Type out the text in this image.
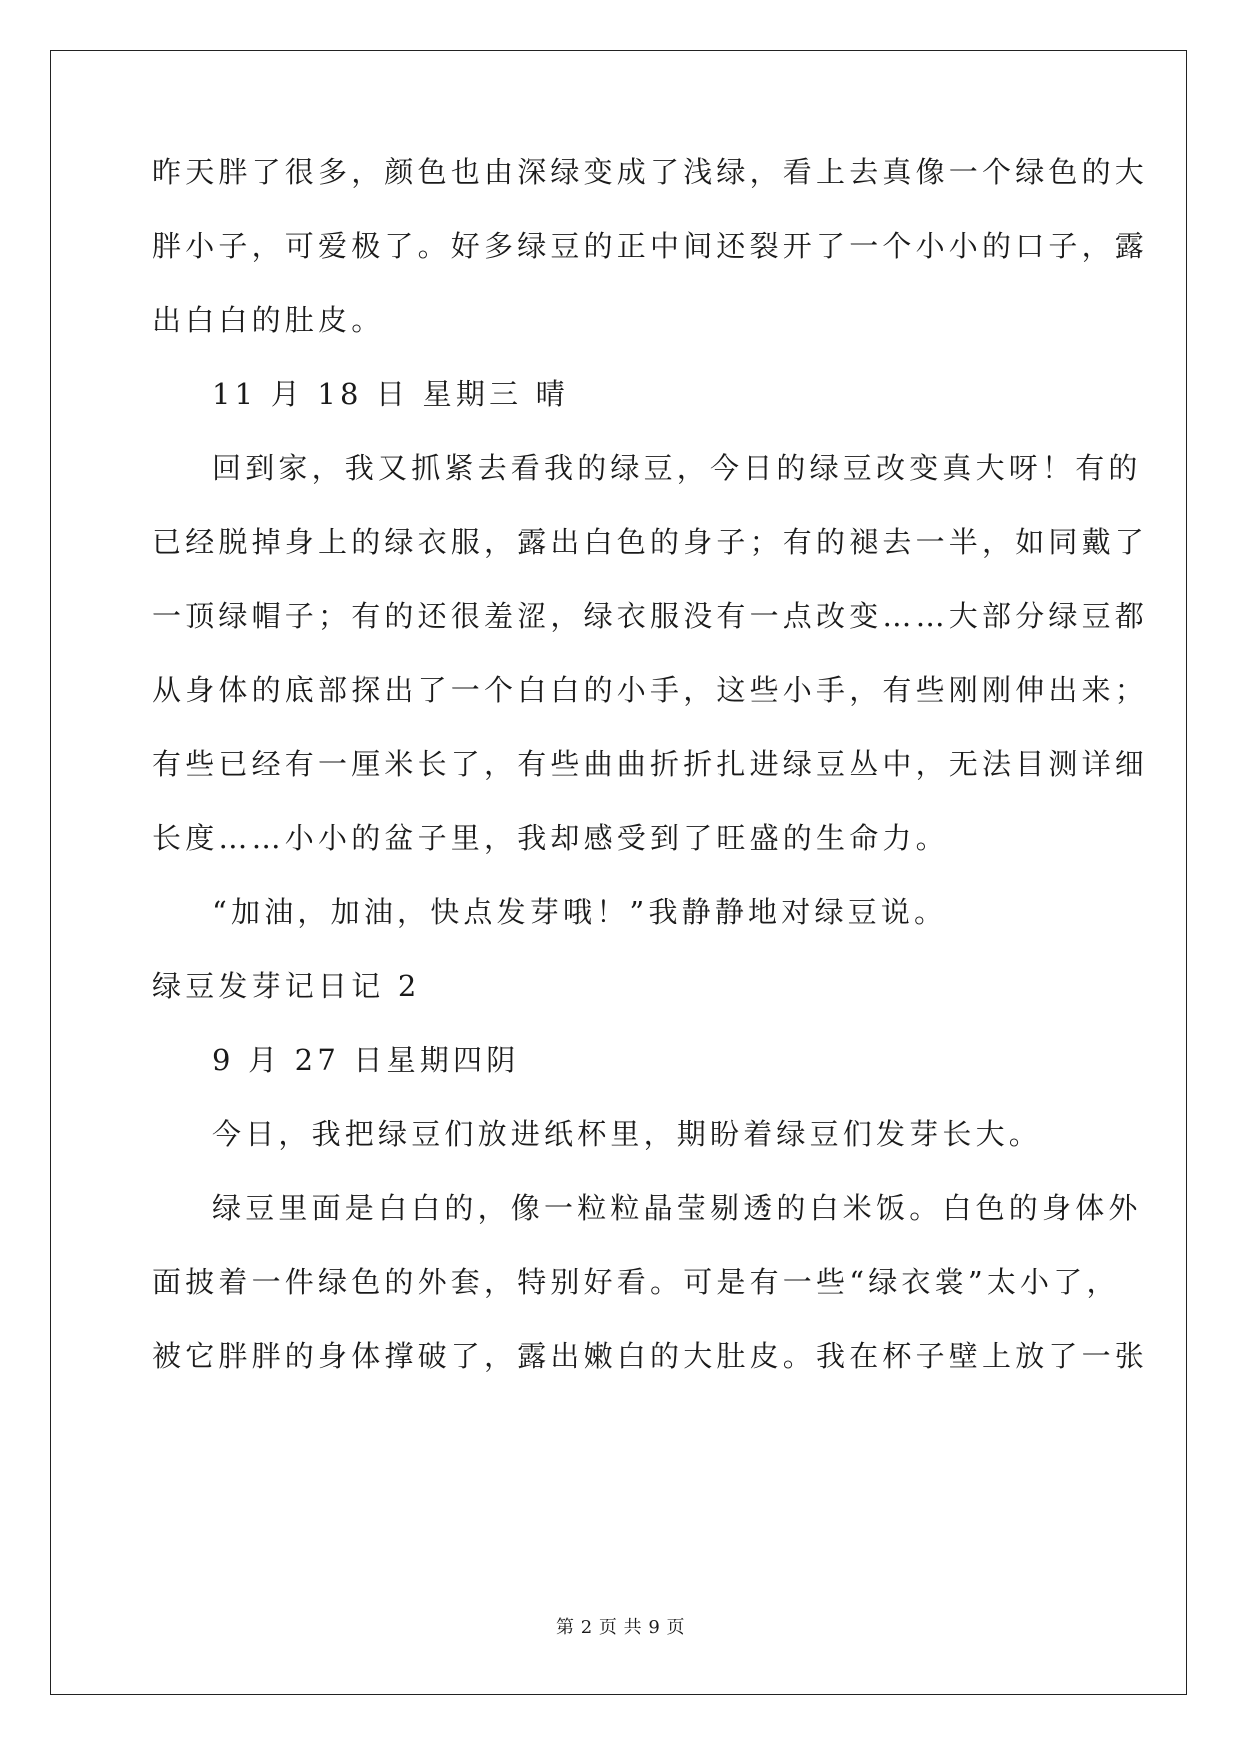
昨天胖了很多，颜色也由深绿变成了浅绿，看上去真像一个绿色的大
胖小子，可爱极了。好多绿豆的正中间还裂开了一个小小的口子，露
出白白的肚皮。
11 月 18 日 星期三 晴
回到家，我又抓紧去看我的绿豆，今日的绿豆改变真大呀！有的
已经脱掉身上的绿衣服，露出白色的身子；有的褪去一半，如同戴了
一顶绿帽子；有的还很羞涩，绿衣服没有一点改变……大部分绿豆都
从身体的底部探出了一个白白的小手，这些小手，有些刚刚伸出来；
有些已经有一厘米长了，有些曲曲折折扎进绿豆丛中，无法目测详细
长度……小小的盆子里，我却感受到了旺盛的生命力。
“加油，加油，快点发芽哦！”我静静地对绿豆说。
绿豆发芽记日记 2
9 月 27 日星期四阴
今日，我把绿豆们放进纸杯里，期盼着绿豆们发芽长大。
绿豆里面是白白的，像一粒粒晶莹剔透的白米饭。白色的身体外
面披着一件绿色的外套，特别好看。可是有一些“绿衣裳”太小了，
被它胖胖的身体撑破了，露出嫩白的大肚皮。我在杯子壁上放了一张
第 2 页 共 9 页
